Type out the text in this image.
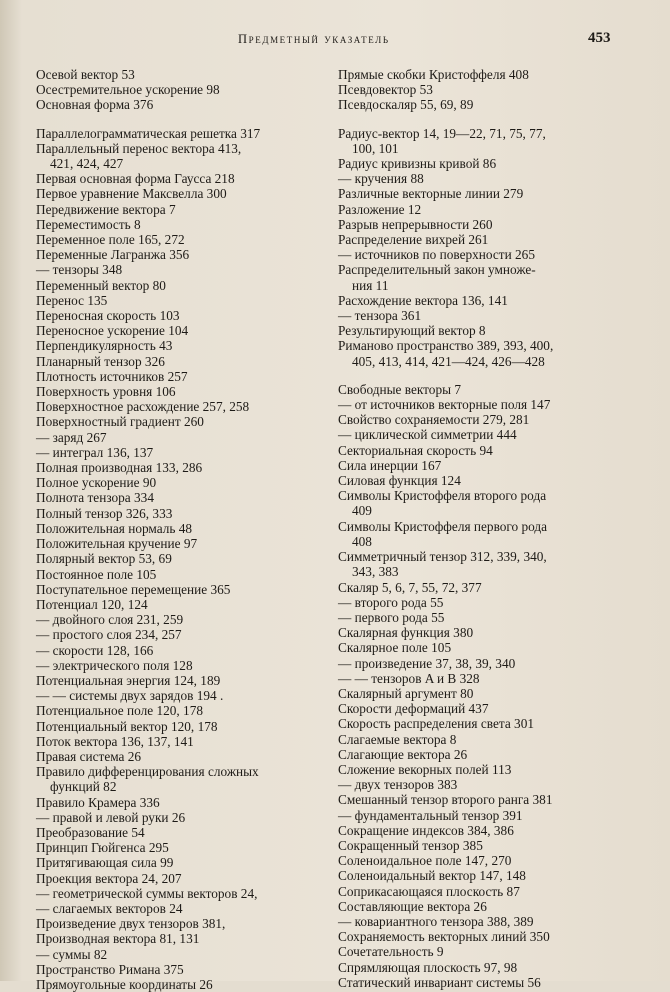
Предметный указатель	453
Осевой вектор 53
Осестремительное ускорение 98
Основная форма 376
Параллелограмматическая решетка 317
Параллельный перенос вектора 413,
421, 424, 427
Первая основная форма Гаусса 218
Первое уравнение Максвелла 300
Передвижение вектора 7
Переместимость 8
Переменное поле 165, 272
Переменные Лагранжа 356
— тензоры 348
Переменный вектор 80
Перенос 135
Переносная скорость 103
Переносное ускорение 104
Перпендикулярность 43
Планарный тензор 326
Плотность источников 257
Поверхность уровня 106
Поверхностное расхождение 257, 258
Поверхностный градиент 260
— заряд 267
— интеграл 136, 137
Полная производная 133, 286
Полное ускорение 90
Полнота тензора 334
Полный тензор 326, 333
Положительная нормаль 48
Положительная кручение 97
Полярный вектор 53, 69
Постоянное поле 105
Поступательное перемещение 365
Потенциал 120, 124
— двойного слоя 231, 259
— простого слоя 234, 257
— скорости 128, 166
— электрического поля 128
Потенциальная энергия 124, 189
— — системы двух зарядов 194 .
Потенциальное поле 120, 178
Потенциальный вектор 120, 178
Поток вектора 136, 137, 141
Правая система 26
Правило дифференцирования сложных
функций 82
Правило Крамера 336
— правой и левой руки 26
Преобразование 54
Принцип Гюйгенса 295
Притягивающая сила 99
Проекция вектора 24, 207
— геометрической суммы векторов 24,
— слагаемых векторов 24
Произведение двух тензоров 381,
Производная вектора 81, 131
— суммы 82
Пространство Римана 375
Прямоугольные координаты 26
Прямые скобки Кристоффеля 408
Псевдовектор 53
Псевдоскаляр 55, 69, 89
Радиус-вектор 14, 19—22, 71, 75, 77,
100, 101
Радиус кривизны кривой 86
— кручения 88
Различные векторные линии 279
Разложение 12
Разрыв непрерывности 260
Распределение вихрей 261
— источников по поверхности 265
Распределительный закон умноже-
ния 11
Расхождение вектора 136, 141
— тензора 361
Результирующий вектор 8
Риманово пространство 389, 393, 400,
405, 413, 414, 421—424, 426—428
Свободные векторы 7
— от источников векторные поля 147
Свойство сохраняемости 279, 281
— циклической симметрии 444
Секториальная скорость 94
Сила инерции 167
Силовая функция 124
Символы Кристоффеля второго рода
409
Символы Кристоффеля первого рода
408
Симметричный тензор 312, 339, 340,
343, 383
Скаляр 5, 6, 7, 55, 72, 377
— второго рода 55
— первого рода 55
Скалярная функция 380
Скалярное поле 105
— произведение 37, 38, 39, 340
— — тензоров A и B 328
Скалярный аргумент 80
Скорости деформаций 437
Скорость распределения света 301
Слагаемые вектора 8
Слагающие вектора 26
Сложение векорных полей 113
— двух тензоров 383
Смешанный тензор второго ранга 381
— фундаментальный тензор 391
Сокращение индексов 384, 386
Сокращенный тензор 385
Соленоидальное поле 147, 270
Соленоидальный вектор 147, 148
Соприкасающаяся плоскость 87
Составляющие вектора 26
— ковариантного тензора 388, 389
Сохраняемость векторных линий 350
Сочетательность 9
Спрямляющая плоскость 97, 98
Статический инвариант системы 56
